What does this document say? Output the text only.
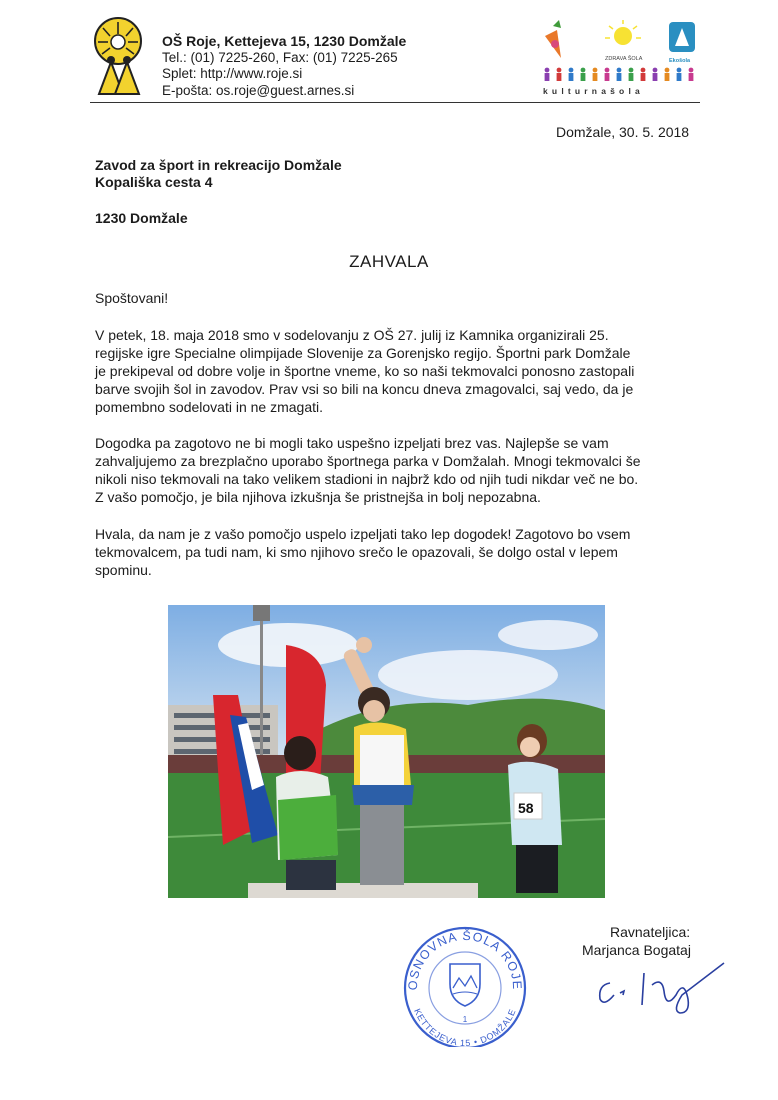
OŠ Roje, Kettejeva 15, 1230 Domžale
Tel.: (01) 7225-260, Fax: (01) 7225-265
Splet: http://www.roje.si
E-pošta: os.roje@guest.arnes.si
ZDRAVA ŠOLA	Ekošola
kulturnašola
Domžale, 30. 5. 2018
Zavod za šport in rekreacijo Domžale
Kopališka cesta 4
1230 Domžale
ZAHVALA
Spoštovani!
V petek, 18. maja 2018 smo v sodelovanju z OŠ 27. julij iz Kamnika organizirali 25.
regijske igre Specialne olimpijade Slovenije za Gorenjsko regijo. Športni park Domžale
je prekipeval od dobre volje in športne vneme, ko so naši tekmovalci ponosno zastopali
barve svojih šol in zavodov. Prav vsi so bili na koncu dneva zmagovalci, saj vedo, da je
pomembno sodelovati in ne zmagati.
Dogodka pa zagotovo ne bi mogli tako uspešno izpeljati brez vas. Najlepše se vam
zahvaljujemo za brezplačno uporabo športnega parka v Domžalah. Mnogi tekmovalci še
nikoli niso tekmovali na tako velikem stadioni in najbrž kdo od njih tudi nikdar več ne bo.
Z vašo pomočjo, je bila njihova izkušnja še pristnejša in bolj nepozabna.
Hvala, da nam je z vašo pomočjo uspelo izpeljati tako lep dogodek! Zagotovo bo vsem
tekmovalcem, pa tudi nam, ki smo njihovo srečo le opazovali, še dolgo ostal v lepem
spominu.
58
OSNOVNA ŠOLA ROJE
KETTEJEVA 15 • DOMŽALE
1
Ravnateljica:
Marjanca Bogataj
